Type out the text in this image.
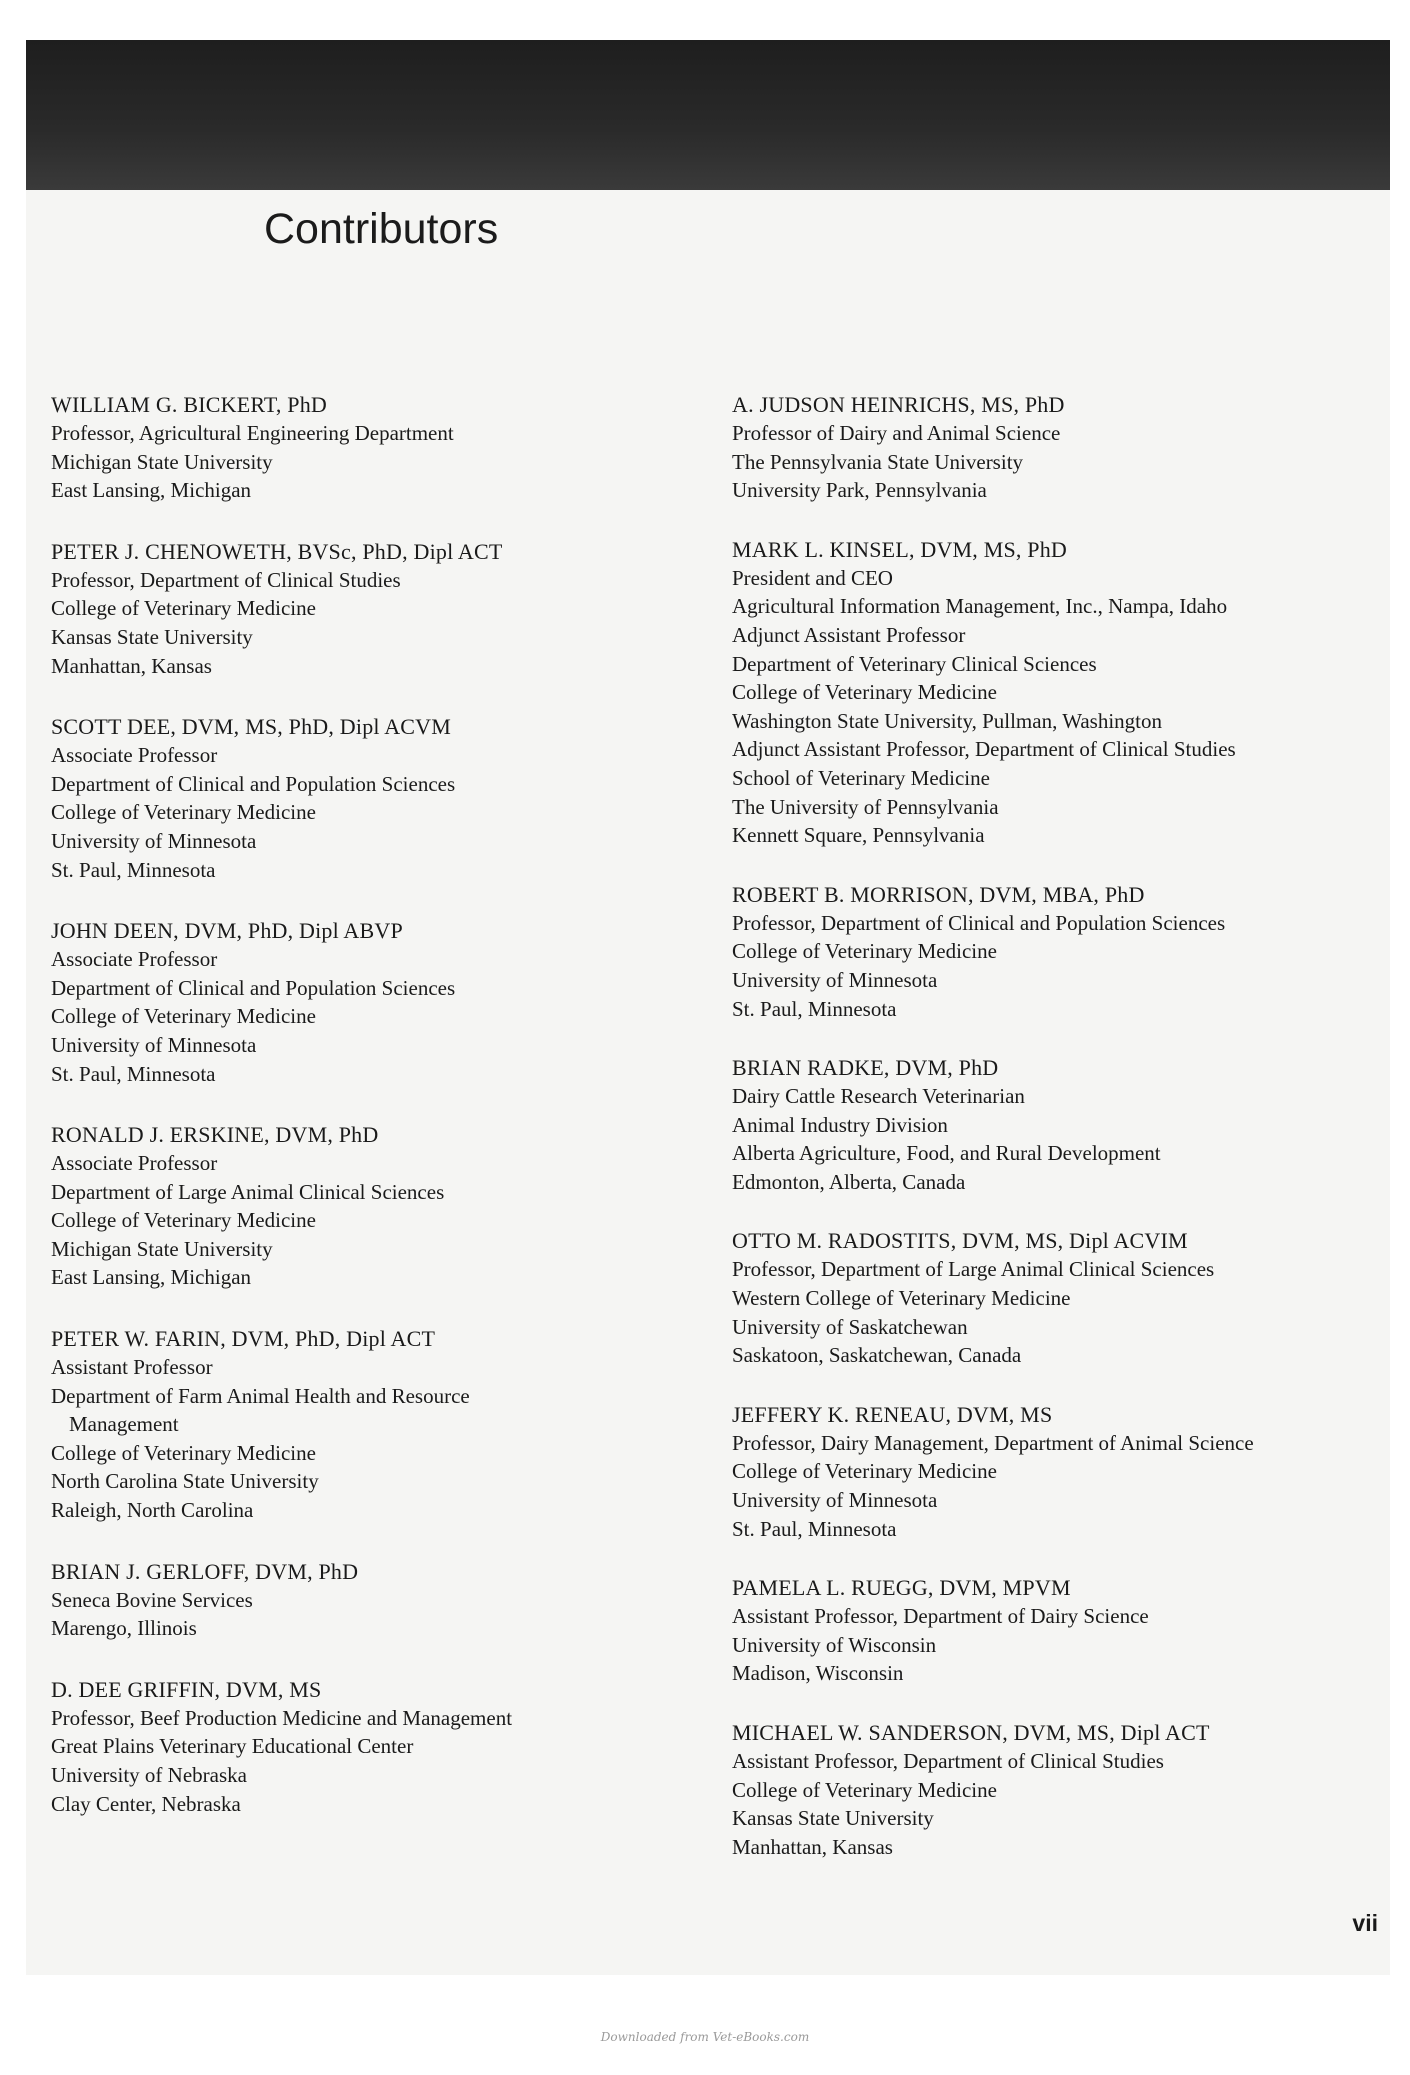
Contributors
WILLIAM G. BICKERT, PhD
Professor, Agricultural Engineering Department
Michigan State University
East Lansing, Michigan
PETER J. CHENOWETH, BVSc, PhD, Dipl ACT
Professor, Department of Clinical Studies
College of Veterinary Medicine
Kansas State University
Manhattan, Kansas
SCOTT DEE, DVM, MS, PhD, Dipl ACVM
Associate Professor
Department of Clinical and Population Sciences
College of Veterinary Medicine
University of Minnesota
St. Paul, Minnesota
JOHN DEEN, DVM, PhD, Dipl ABVP
Associate Professor
Department of Clinical and Population Sciences
College of Veterinary Medicine
University of Minnesota
St. Paul, Minnesota
RONALD J. ERSKINE, DVM, PhD
Associate Professor
Department of Large Animal Clinical Sciences
College of Veterinary Medicine
Michigan State University
East Lansing, Michigan
PETER W. FARIN, DVM, PhD, Dipl ACT
Assistant Professor
Department of Farm Animal Health and Resource
Management
College of Veterinary Medicine
North Carolina State University
Raleigh, North Carolina
BRIAN J. GERLOFF, DVM, PhD
Seneca Bovine Services
Marengo, Illinois
D. DEE GRIFFIN, DVM, MS
Professor, Beef Production Medicine and Management
Great Plains Veterinary Educational Center
University of Nebraska
Clay Center, Nebraska
A. JUDSON HEINRICHS, MS, PhD
Professor of Dairy and Animal Science
The Pennsylvania State University
University Park, Pennsylvania
MARK L. KINSEL, DVM, MS, PhD
President and CEO
Agricultural Information Management, Inc., Nampa, Idaho
Adjunct Assistant Professor
Department of Veterinary Clinical Sciences
College of Veterinary Medicine
Washington State University, Pullman, Washington
Adjunct Assistant Professor, Department of Clinical Studies
School of Veterinary Medicine
The University of Pennsylvania
Kennett Square, Pennsylvania
ROBERT B. MORRISON, DVM, MBA, PhD
Professor, Department of Clinical and Population Sciences
College of Veterinary Medicine
University of Minnesota
St. Paul, Minnesota
BRIAN RADKE, DVM, PhD
Dairy Cattle Research Veterinarian
Animal Industry Division
Alberta Agriculture, Food, and Rural Development
Edmonton, Alberta, Canada
OTTO M. RADOSTITS, DVM, MS, Dipl ACVIM
Professor, Department of Large Animal Clinical Sciences
Western College of Veterinary Medicine
University of Saskatchewan
Saskatoon, Saskatchewan, Canada
JEFFERY K. RENEAU, DVM, MS
Professor, Dairy Management, Department of Animal Science
College of Veterinary Medicine
University of Minnesota
St. Paul, Minnesota
PAMELA L. RUEGG, DVM, MPVM
Assistant Professor, Department of Dairy Science
University of Wisconsin
Madison, Wisconsin
MICHAEL W. SANDERSON, DVM, MS, Dipl ACT
Assistant Professor, Department of Clinical Studies
College of Veterinary Medicine
Kansas State University
Manhattan, Kansas
vii
Downloaded from Vet-eBooks.com
